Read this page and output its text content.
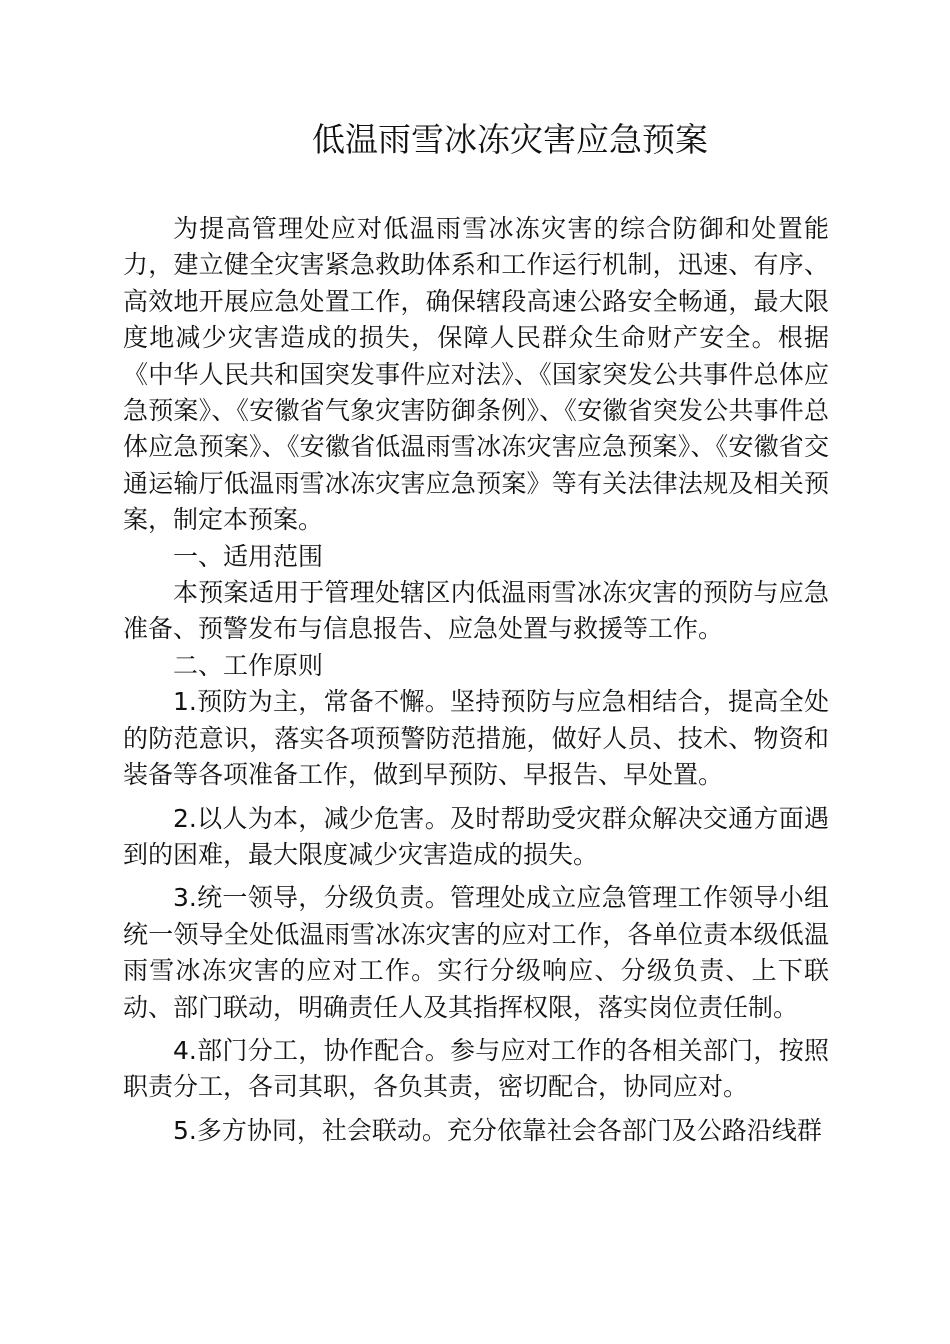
低温雨雪冰冻灾害应急预案

为提高管理处应对低温雨雪冰冻灾害的综合防御和处置能力，建立健全灾害紧急救助体系和工作运行机制，迅速、有序、高效地开展应急处置工作，确保辖段高速公路安全畅通，最大限度地减少灾害造成的损失，保障人民群众生命财产安全。根据《中华人民共和国突发事件应对法》、《国家突发公共事件总体应急预案》、《安徽省气象灾害防御条例》、《安徽省突发公共事件总体应急预案》、《安徽省低温雨雪冰冻灾害应急预案》、《安徽省交通运输厅低温雨雪冰冻灾害应急预案》等有关法律法规及相关预案，制定本预案。

一、适用范围

本预案适用于管理处辖区内低温雨雪冰冻灾害的预防与应急准备、预警发布与信息报告、应急处置与救援等工作。

二、工作原则

1.预防为主，常备不懈。坚持预防与应急相结合，提高全处的防范意识，落实各项预警防范措施，做好人员、技术、物资和装备等各项准备工作，做到早预防、早报告、早处置。

2.以人为本，减少危害。及时帮助受灾群众解决交通方面遇到的困难，最大限度减少灾害造成的损失。

3.统一领导，分级负责。管理处成立应急管理工作领导小组统一领导全处低温雨雪冰冻灾害的应对工作，各单位责本级低温雨雪冰冻灾害的应对工作。实行分级响应、分级负责、上下联动、部门联动，明确责任人及其指挥权限，落实岗位责任制。

4.部门分工，协作配合。参与应对工作的各相关部门，按照职责分工，各司其职，各负其责，密切配合，协同应对。

5.多方协同，社会联动。充分依靠社会各部门及公路沿线群
